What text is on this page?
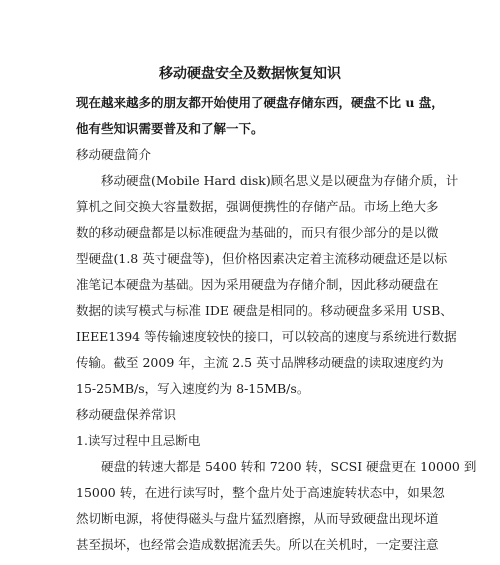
移动硬盘安全及数据恢复知识
现在越来越多的朋友都开始使用了硬盘存储东西，硬盘不比 u 盘，
他有些知识需要普及和了解一下。
移动硬盘简介
移动硬盘(Mobile Hard disk)顾名思义是以硬盘为存储介质，计
算机之间交换大容量数据，强调便携性的存储产品。市场上绝大多
数的移动硬盘都是以标准硬盘为基础的，而只有很少部分的是以微
型硬盘(1.8 英寸硬盘等)，但价格因素决定着主流移动硬盘还是以标
准笔记本硬盘为基础。因为采用硬盘为存储介制，因此移动硬盘在
数据的读写模式与标准 IDE 硬盘是相同的。移动硬盘多采用 USB、
IEEE1394 等传输速度较快的接口，可以较高的速度与系统进行数据
传输。截至 2009 年，主流 2.5 英寸品牌移动硬盘的读取速度约为
15-25MB/s，写入速度约为 8-15MB/s。
移动硬盘保养常识
1.读写过程中且忌断电
硬盘的转速大都是 5400 转和 7200 转，SCSI 硬盘更在 10000 到
15000 转，在进行读写时，整个盘片处于高速旋转状态中，如果忽
然切断电源，将使得磁头与盘片猛烈磨擦，从而导致硬盘出现坏道
甚至损坏，也经常会造成数据流丢失。所以在关机时，一定要注意
